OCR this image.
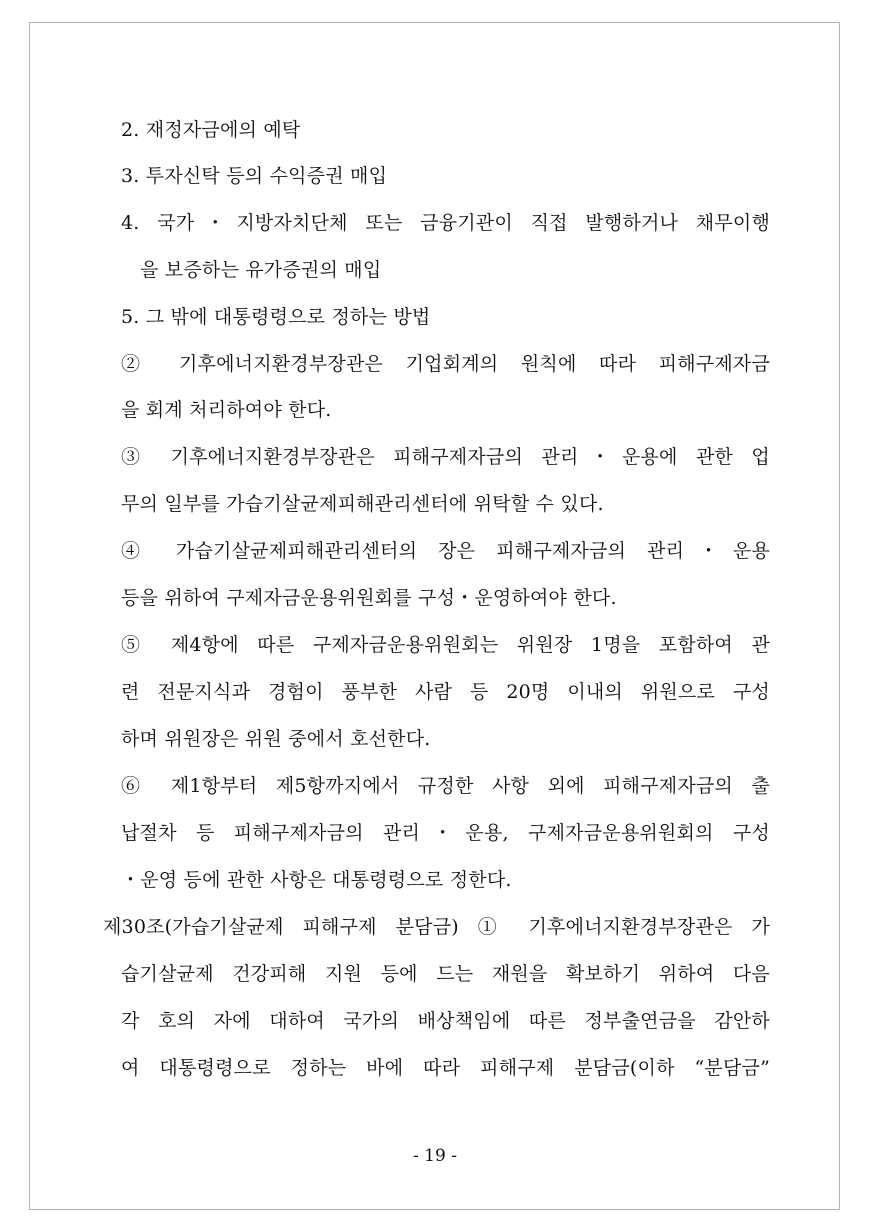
2. 재정자금에의 예탁
3. 투자신탁 등의 수익증권 매입
4. 국가・지방자치단체 또는 금융기관이 직접 발행하거나 채무이행
을 보증하는 유가증권의 매입
5. 그 밖에 대통령령으로 정하는 방법
② 기후에너지환경부장관은 기업회계의 원칙에 따라 피해구제자금
을 회계 처리하여야 한다.
③ 기후에너지환경부장관은 피해구제자금의 관리・운용에 관한 업
무의 일부를 가습기살균제피해관리센터에 위탁할 수 있다.
④ 가습기살균제피해관리센터의 장은 피해구제자금의 관리・운용
등을 위하여 구제자금운용위원회를 구성・운영하여야 한다.
⑤ 제4항에 따른 구제자금운용위원회는 위원장 1명을 포함하여 관
련 전문지식과 경험이 풍부한 사람 등 20명 이내의 위원으로 구성
하며 위원장은 위원 중에서 호선한다.
⑥ 제1항부터 제5항까지에서 규정한 사항 외에 피해구제자금의 출
납절차 등 피해구제자금의 관리・운용, 구제자금운용위원회의 구성
・운영 등에 관한 사항은 대통령령으로 정한다.
제30조(가습기살균제 피해구제 분담금) ① 기후에너지환경부장관은 가
습기살균제 건강피해 지원 등에 드는 재원을 확보하기 위하여 다음
각 호의 자에 대하여 국가의 배상책임에 따른 정부출연금을 감안하
여 대통령령으로 정하는 바에 따라 피해구제 분담금(이하 “분담금”
- 19 -
